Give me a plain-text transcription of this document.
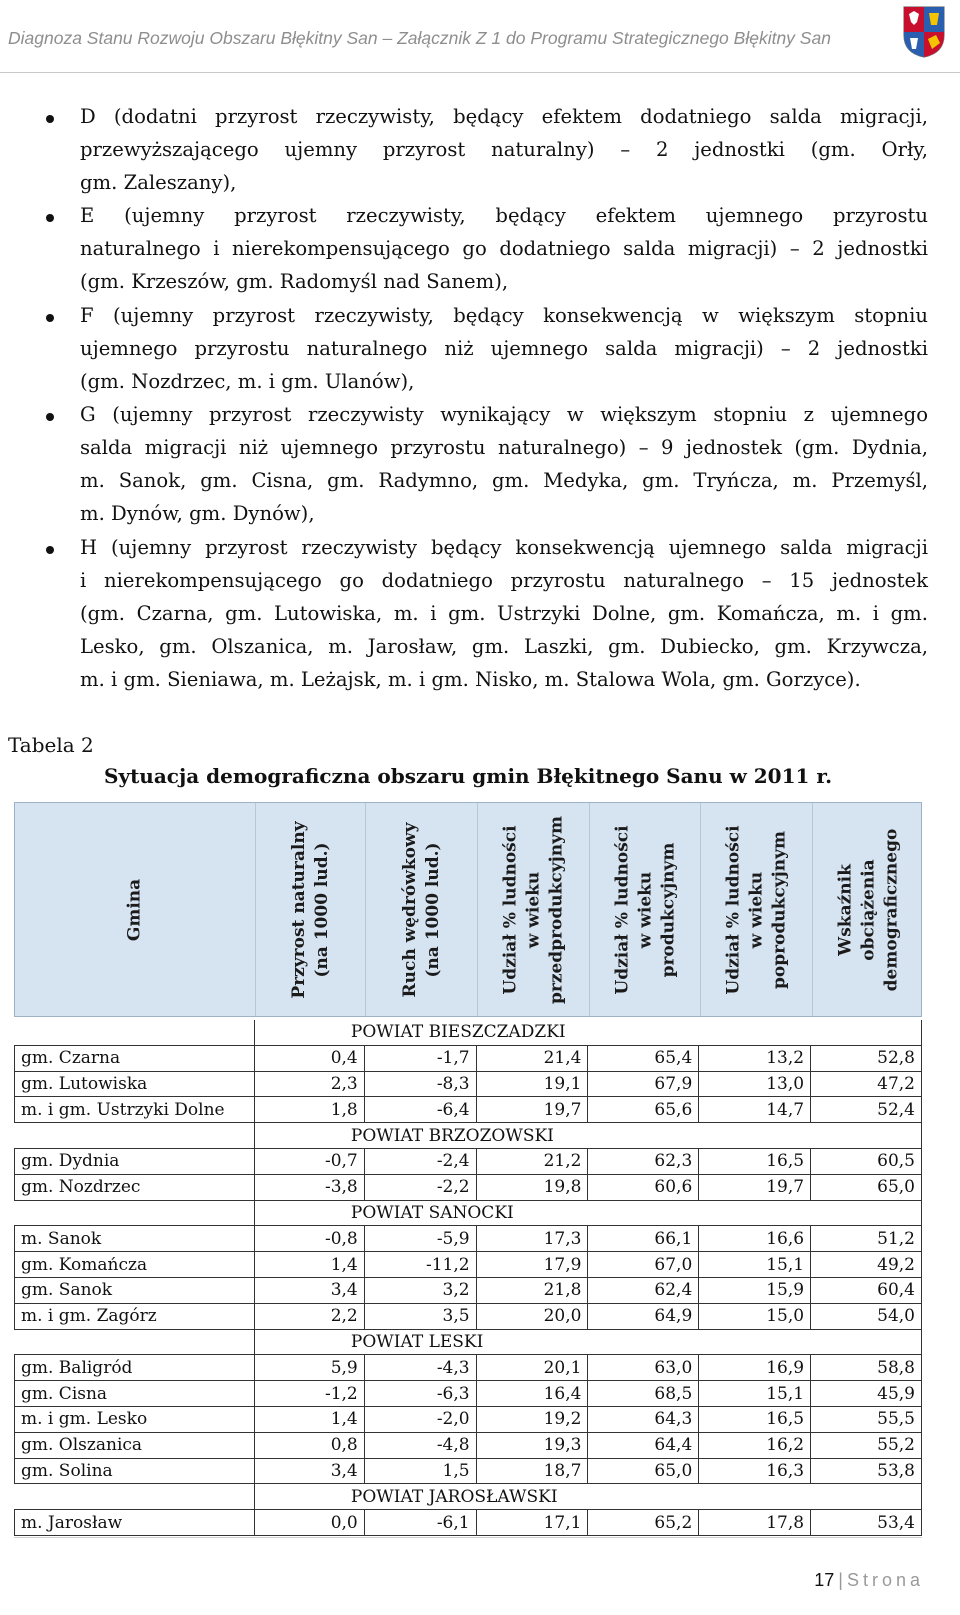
Diagnoza Stanu Rozwoju Obszaru Błękitny San – Załącznik Z 1 do Programu Strategicznego Błękitny San
D (dodatni przyrost rzeczywisty, będący efektem dodatniego salda migracji,
przewyższającego ujemny przyrost naturalny) – 2 jednostki (gm. Orły,
gm. Zaleszany),
E (ujemny przyrost rzeczywisty, będący efektem ujemnego przyrostu
naturalnego i nierekompensującego go dodatniego salda migracji) – 2 jednostki
(gm. Krzeszów, gm. Radomyśl nad Sanem),
F (ujemny przyrost rzeczywisty, będący konsekwencją w większym stopniu
ujemnego przyrostu naturalnego niż ujemnego salda migracji) – 2 jednostki
(gm. Nozdrzec, m. i gm. Ulanów),
G (ujemny przyrost rzeczywisty wynikający w większym stopniu z ujemnego
salda migracji niż ujemnego przyrostu naturalnego) – 9 jednostek (gm. Dydnia,
m. Sanok, gm. Cisna, gm. Radymno, gm. Medyka, gm. Tryńcza, m. Przemyśl,
m. Dynów, gm. Dynów),
H (ujemny przyrost rzeczywisty będący konsekwencją ujemnego salda migracji
i nierekompensującego go dodatniego przyrostu naturalnego – 15 jednostek
(gm. Czarna, gm. Lutowiska, m. i gm. Ustrzyki Dolne, gm. Komańcza, m. i gm.
Lesko, gm. Olszanica, m. Jarosław, gm. Laszki, gm. Dubiecko, gm. Krzywcza,
m. i gm. Sieniawa, m. Leżajsk, m. i gm. Nisko, m. Stalowa Wola, gm. Gorzyce).
Tabela 2
Sytuacja demograficzna obszaru gmin Błękitnego Sanu w 2011 r.
Gmina	Przyrost naturalny (na 1000 lud.)	Ruch wędrówkowy (na 1000 lud.)	Udział % ludności w wieku przedprodukcyjnym	Udział % ludności w wieku produkcyjnym	Udział % ludności w wieku poprodukcyjnym	Wskaźnik obciążenia demograficznego
	POWIAT BIESZCZADZKI					
gm. Czarna	0,4	-1,7	21,4	65,4	13,2	52,8
gm. Lutowiska	2,3	-8,3	19,1	67,9	13,0	47,2
m. i gm. Ustrzyki Dolne	1,8	-6,4	19,7	65,6	14,7	52,4
	POWIAT BRZOZOWSKI					
gm. Dydnia	-0,7	-2,4	21,2	62,3	16,5	60,5
gm. Nozdrzec	-3,8	-2,2	19,8	60,6	19,7	65,0
	POWIAT SANOCKI					
m. Sanok	-0,8	-5,9	17,3	66,1	16,6	51,2
gm. Komańcza	1,4	-11,2	17,9	67,0	15,1	49,2
gm. Sanok	3,4	3,2	21,8	62,4	15,9	60,4
m. i gm. Zagórz	2,2	3,5	20,0	64,9	15,0	54,0
	POWIAT LESKI					
gm. Baligród	5,9	-4,3	20,1	63,0	16,9	58,8
gm. Cisna	-1,2	-6,3	16,4	68,5	15,1	45,9
m. i gm. Lesko	1,4	-2,0	19,2	64,3	16,5	55,5
gm. Olszanica	0,8	-4,8	19,3	64,4	16,2	55,2
gm. Solina	3,4	1,5	18,7	65,0	16,3	53,8
	POWIAT JAROSŁAWSKI					
m. Jarosław	0,0	-6,1	17,1	65,2	17,8	53,4
17 | Strona
